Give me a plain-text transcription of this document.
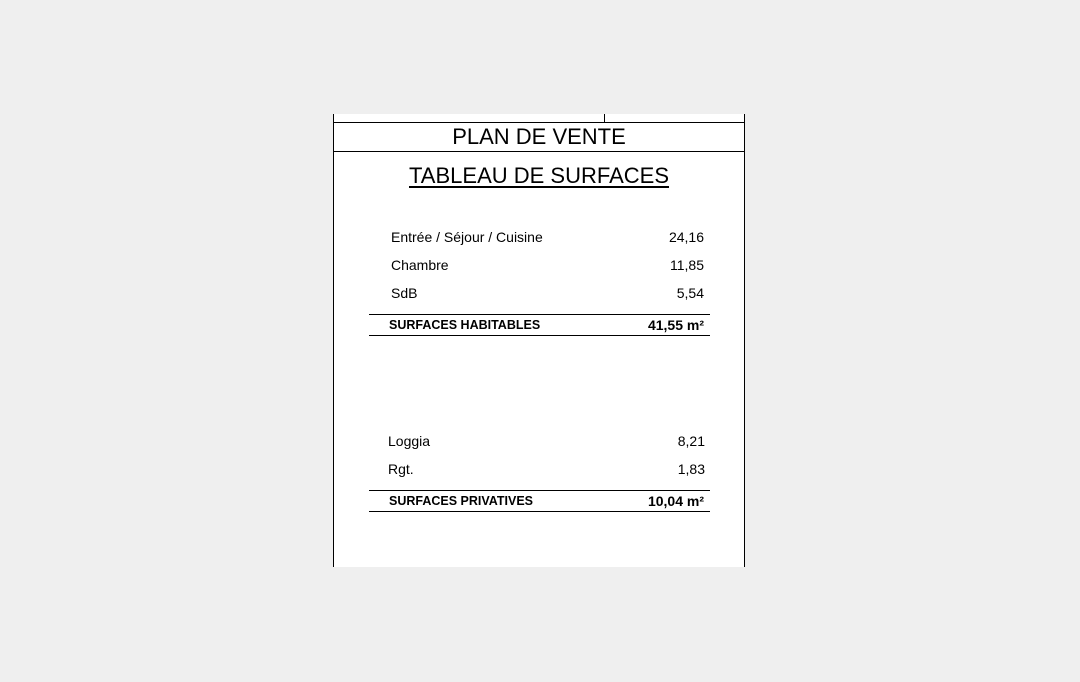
PLAN DE VENTE
TABLEAU DE SURFACES
Entrée / Séjour / Cuisine	24,16
Chambre	11,85
SdB	5,54
SURFACES HABITABLES	41,55 m²
Loggia	8,21
Rgt.	1,83
SURFACES PRIVATIVES	10,04 m²
